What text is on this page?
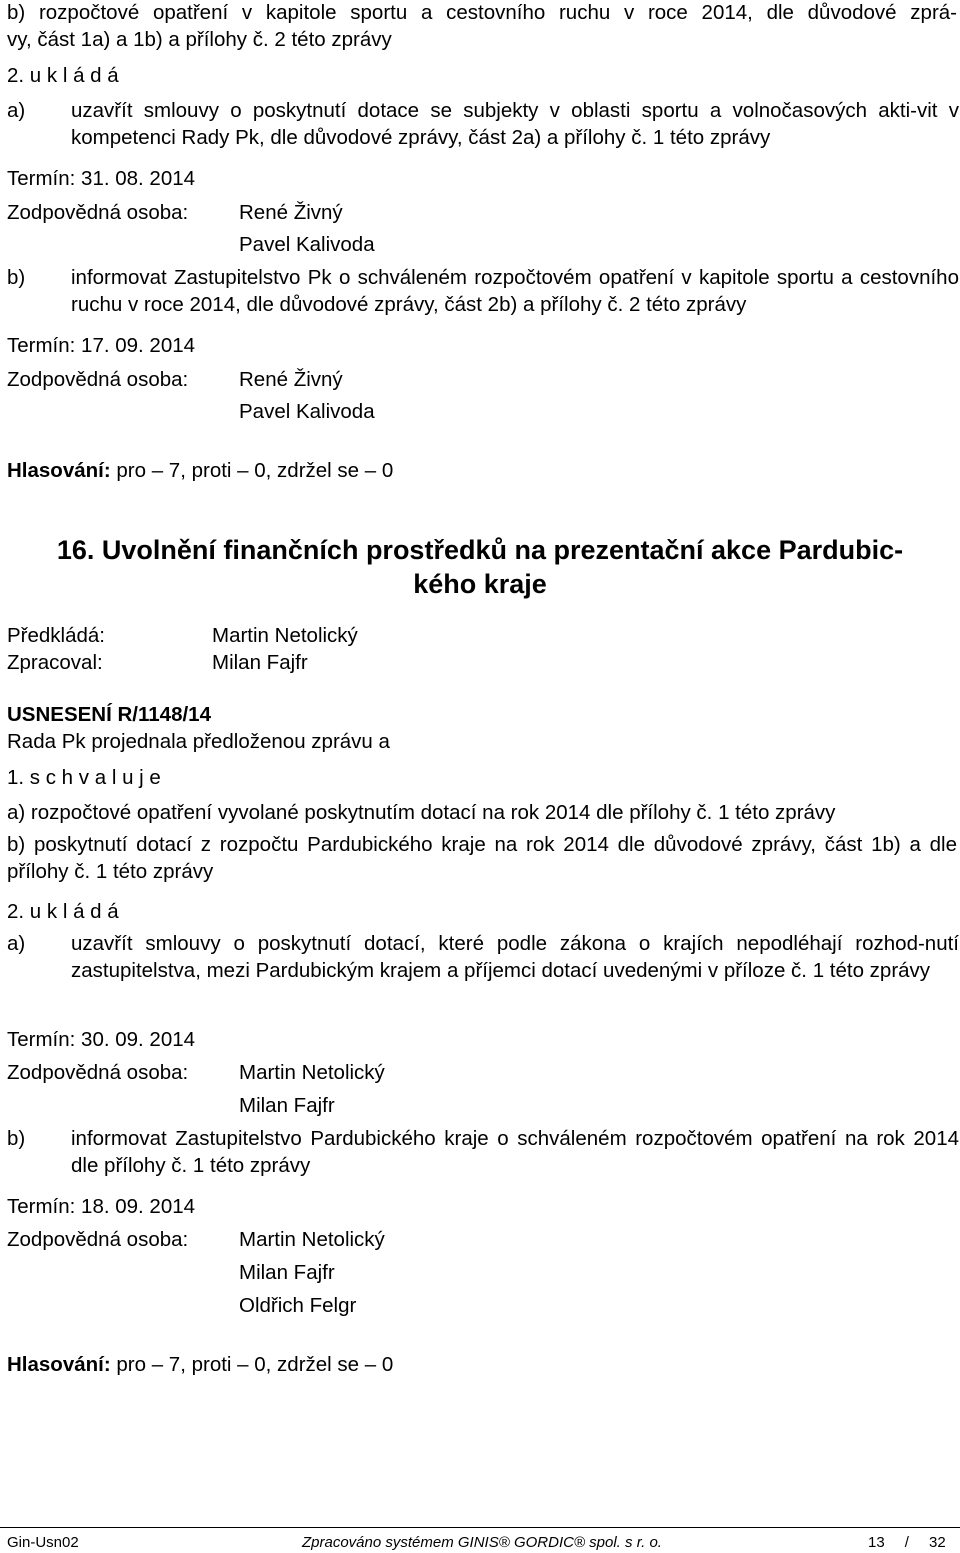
b) rozpočtové opatření v kapitole sportu a cestovního ruchu v roce 2014, dle důvodové zprá-
vy, část 1a) a 1b) a přílohy č. 2 této zprávy
2. u k l á d á
a) uzavřít smlouvy o poskytnutí dotace se subjekty v oblasti sportu a volnočasových akti-vit v kompetenci Rady Pk, dle důvodové zprávy, část 2a) a přílohy č. 1 této zprávy
Termín: 31. 08. 2014
Zodpovědná osoba: René Živný
Pavel Kalivoda
b) informovat Zastupitelstvo Pk o schváleném rozpočtovém opatření v kapitole sportu a cestovního ruchu v roce 2014, dle důvodové zprávy, část 2b) a přílohy č. 2 této zprávy
Termín: 17. 09. 2014
Zodpovědná osoba: René Živný
Pavel Kalivoda
Hlasování: pro – 7, proti – 0, zdržel se – 0
16. Uvolnění finančních prostředků na prezentační akce Pardubic-
kého kraje
Předkládá:	Martin Netolický
Zpracoval:	Milan Fajfr
USNESENÍ R/1148/14
Rada Pk projednala předloženou zprávu a
1. s c h v a l u j e
a) rozpočtové opatření vyvolané poskytnutím dotací na rok 2014 dle přílohy č. 1 této zprávy
b) poskytnutí dotací z rozpočtu Pardubického kraje na rok 2014 dle důvodové zprávy, část 1b) a dle přílohy č. 1 této zprávy
2. u k l á d á
a) uzavřít smlouvy o poskytnutí dotací, které podle zákona o krajích nepodléhají rozhod-nutí zastupitelstva, mezi Pardubickým krajem a příjemci dotací uvedenými v příloze č. 1 této zprávy
Termín: 30. 09. 2014
Zodpovědná osoba: Martin Netolický
Milan Fajfr
b) informovat Zastupitelstvo Pardubického kraje o schváleném rozpočtovém opatření na rok 2014 dle přílohy č. 1 této zprávy
Termín: 18. 09. 2014
Zodpovědná osoba: Martin Netolický
Milan Fajfr
Oldřich Felgr
Hlasování: pro – 7, proti – 0, zdržel se – 0
Gin-Usn02	Zpracováno systémem GINIS® GORDIC® spol. s r. o.	13 / 32
